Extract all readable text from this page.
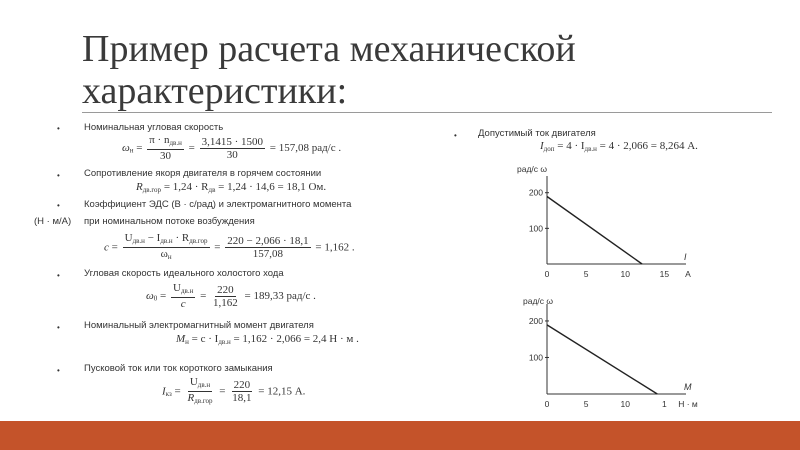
Пример расчета механической характеристики:
•	Номинальная угловая скорость
$\omega_н = \frac{\pi \cdot n_{дв.н}}{30} = \frac{3,1415 \cdot 1500}{30} = 157,08$ рад/с .
•	Сопротивление якоря двигателя в горячем состоянии
$R_{дв.гор} = 1,24 \cdot R_{дв} = 1,24 \cdot 14,6 = 18,1$ Ом.
•	Коэффициент ЭДС (В · с/рад) и электромагнитного момента
(Н · м/А) при номинальном потоке возбуждения
$c = \frac{U_{дв.н} - I_{дв.н} \cdot R_{дв.гор}}{\omega_н} = \frac{220 - 2,066 \cdot 18,1}{157,08} = 1,162$ .
•	Угловая скорость идеального холостого хода
$\omega_0 = \frac{U_{дв.н}}{c} = \frac{220}{1,162} = 189,33$ рад/с .
•	Номинальный электромагнитный момент двигателя
$M_н = c \cdot I_{дв.н} = 1,162 \cdot 2,066 = 2,4$ Н · м .
•	Пусковой ток или ток короткого замыкания
$I_{кз} = \frac{U_{дв.н}}{R_{дв.гор}} = \frac{220}{18,1} = 12,15$ А.
• Допустимый ток двигателя
$I_{доп} = 4 \cdot I_{дв.н} = 4 \cdot 2,066 = 8,264$ А.
рад/с ω
0	5	10	15
100
200
I
А
рад/с ω
0	5	10	1
100
200
M
Н · м
